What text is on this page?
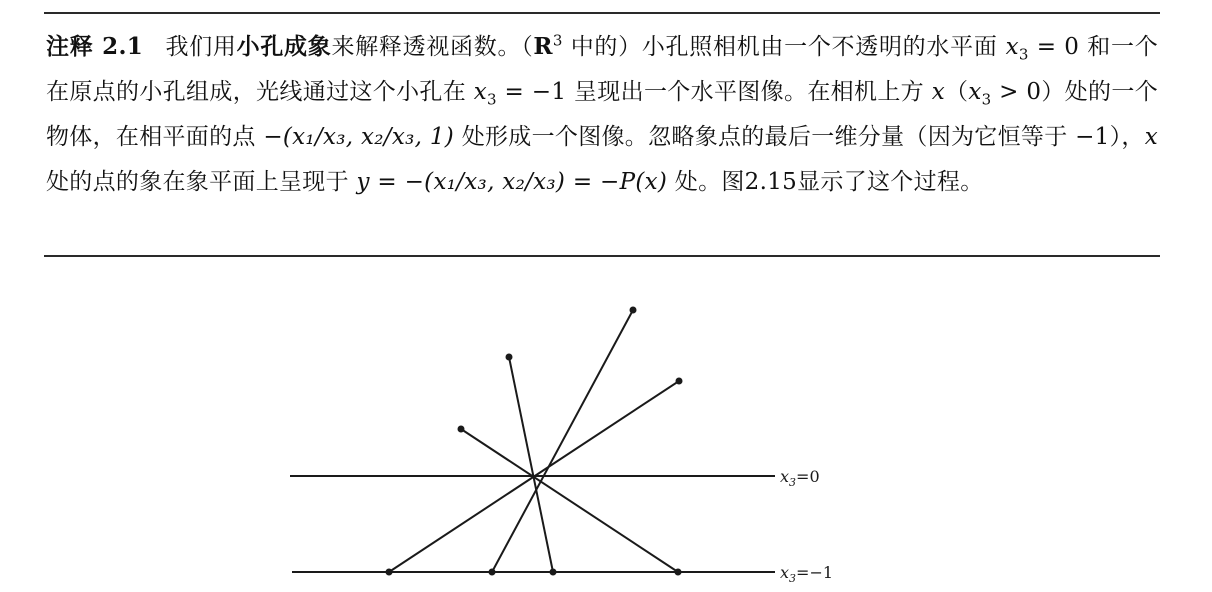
注释 2.1 我们用小孔成象来解释透视函数。（$R^3$ 中的）小孔照相机由一个不透明的水平面 $x_3 = 0$ 和一个在原点的小孔组成，光线通过这个小孔在 $x_3 = -1$ 呈现出一个水平图像。在相机上方 $x(x_3 > 0)$处的一个物体，在相平面的点 −(x₁/x₃, x₂/x₃, 1) 处形成一个图像。忽略象点的最后一维分量（因为它恒等于 −1），x 处的点的象在象平面上呈现于 y = −(x₁/x₃, x₂/x₃) = −P(x) 处。图2.15显示了这个过程。
$x_3=0$
$x_3=-1$
